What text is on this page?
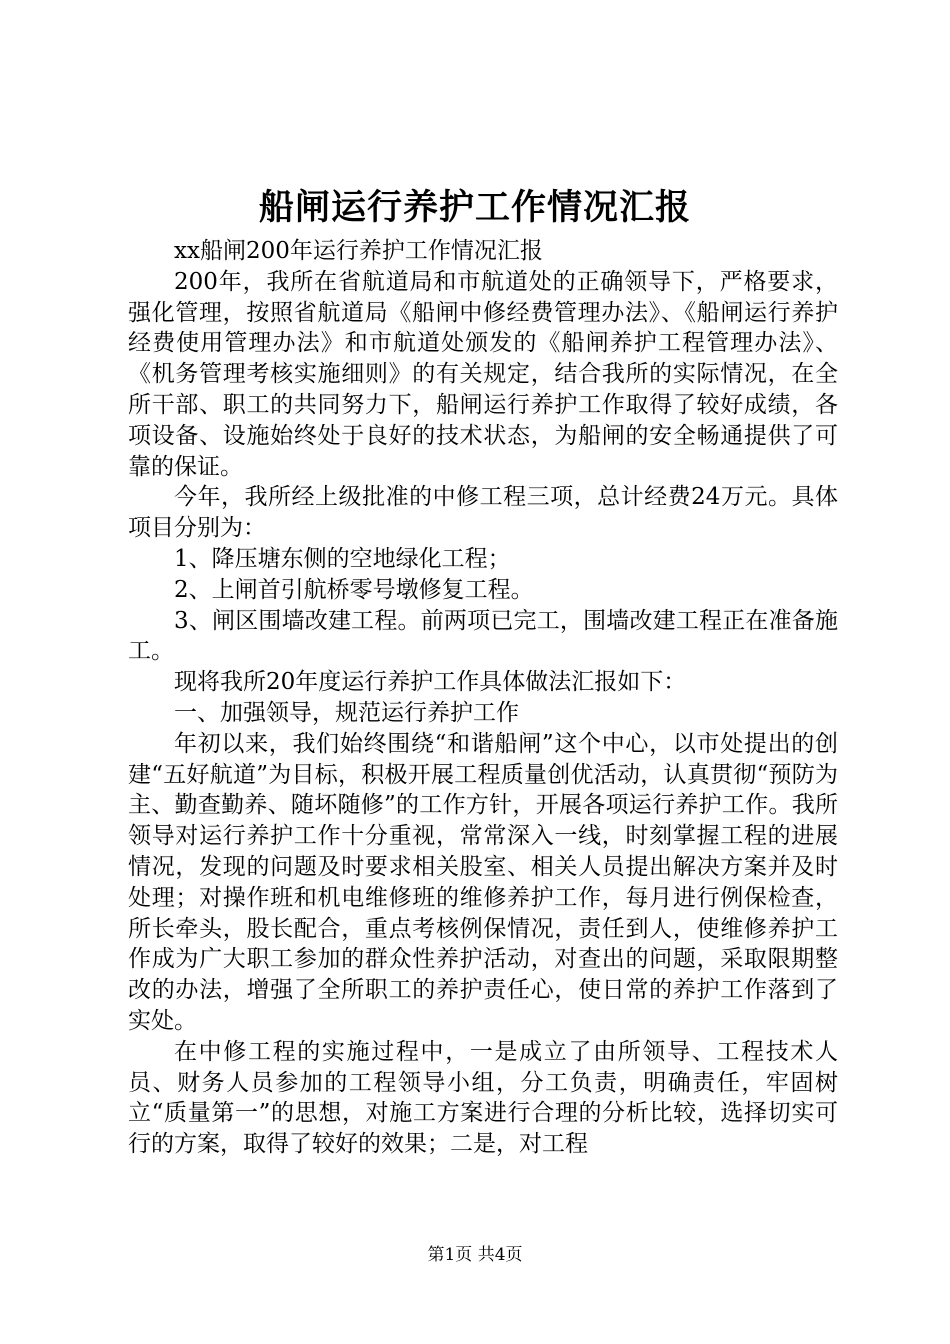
船闸运行养护工作情况汇报

xx船闸200年运行养护工作情况汇报

200年，我所在省航道局和市航道处的正确领导下，严格要求，强化管理，按照省航道局《船闸中修经费管理办法》、《船闸运行养护经费使用管理办法》和市航道处颁发的《船闸养护工程管理办法》、《机务管理考核实施细则》的有关规定，结合我所的实际情况，在全所干部、职工的共同努力下，船闸运行养护工作取得了较好成绩，各项设备、设施始终处于良好的技术状态，为船闸的安全畅通提供了可靠的保证。

今年，我所经上级批准的中修工程三项，总计经费24万元。具体项目分别为：

1、降压塘东侧的空地绿化工程；

2、上闸首引航桥零号墩修复工程。

3、闸区围墙改建工程。前两项已完工，围墙改建工程正在准备施工。

现将我所20年度运行养护工作具体做法汇报如下：

一、加强领导，规范运行养护工作

年初以来，我们始终围绕“和谐船闸”这个中心，以市处提出的创建“五好航道”为目标，积极开展工程质量创优活动，认真贯彻“预防为主、勤查勤养、随坏随修”的工作方针，开展各项运行养护工作。我所领导对运行养护工作十分重视，常常深入一线，时刻掌握工程的进展情况，发现的问题及时要求相关股室、相关人员提出解决方案并及时处理；对操作班和机电维修班的维修养护工作，每月进行例保检查，所长牵头，股长配合，重点考核例保情况，责任到人，使维修养护工作成为广大职工参加的群众性养护活动，对查出的问题，采取限期整改的办法，增强了全所职工的养护责任心，使日常的养护工作落到了实处。

在中修工程的实施过程中，一是成立了由所领导、工程技术人员、财务人员参加的工程领导小组，分工负责，明确责任，牢固树立“质量第一”的思想，对施工方案进行合理的分析比较，选择切实可行的方案，取得了较好的效果；二是，对工程

第1页 共4页
